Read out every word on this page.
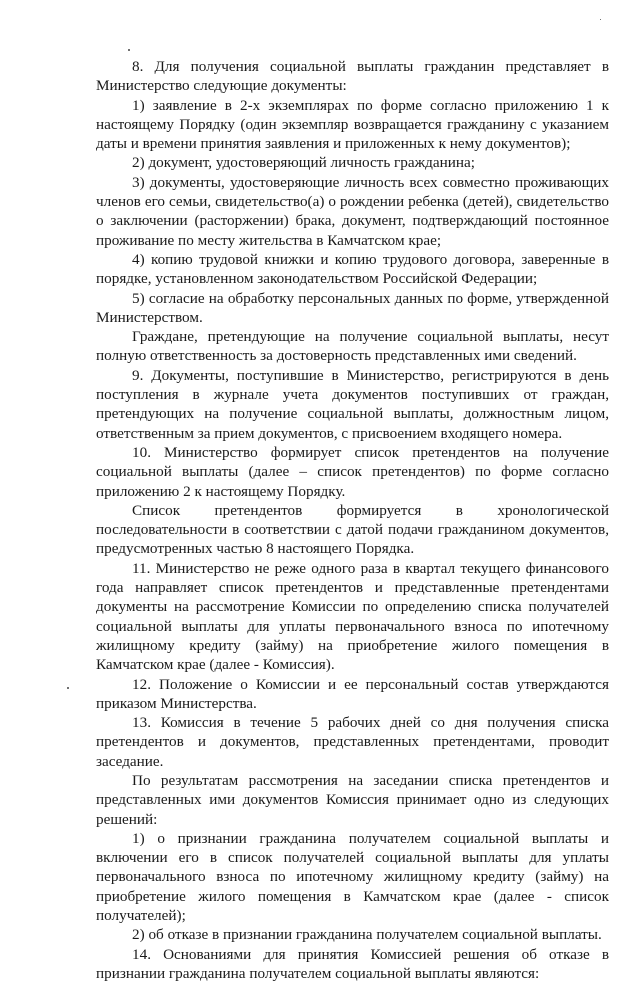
8. Для получения социальной выплаты гражданин представляет в Министерство следующие документы:

1) заявление в 2-х экземплярах по форме согласно приложению 1 к настоящему Порядку (один экземпляр возвращается гражданину с указанием даты и времени принятия заявления и приложенных к нему документов);

2) документ, удостоверяющий личность гражданина;

3) документы, удостоверяющие личность всех совместно проживающих членов его семьи, свидетельство(а) о рождении ребенка (детей), свидетельство о заключении (расторжении) брака, документ, подтверждающий постоянное проживание по месту жительства в Камчатском крае;

4) копию трудовой книжки и копию трудового договора, заверенные в порядке, установленном законодательством Российской Федерации;

5) согласие на обработку персональных данных по форме, утвержденной Министерством.

Граждане, претендующие на получение социальной выплаты, несут полную ответственность за достоверность представленных ими сведений.

9. Документы, поступившие в Министерство, регистрируются в день поступления в журнале учета документов поступивших от граждан, претендующих на получение социальной выплаты, должностным лицом, ответственным за прием документов, с присвоением входящего номера.

10. Министерство формирует список претендентов на получение социальной выплаты (далее – список претендентов) по форме согласно приложению 2 к настоящему Порядку.

Список претендентов формируется в хронологической последовательности в соответствии с датой подачи гражданином документов, предусмотренных частью 8 настоящего Порядка.

11. Министерство не реже одного раза в квартал текущего финансового года направляет список претендентов и представленные претендентами документы на рассмотрение Комиссии по определению списка получателей социальной выплаты для уплаты первоначального взноса по ипотечному жилищному кредиту (займу) на приобретение жилого помещения в Камчатском крае (далее - Комиссия).

12. Положение о Комиссии и ее персональный состав утверждаются приказом Министерства.

13. Комиссия в течение 5 рабочих дней со дня получения списка претендентов и документов, представленных претендентами, проводит заседание.

По результатам рассмотрения на заседании списка претендентов и представленных ими документов Комиссия принимает одно из следующих решений:

1) о признании гражданина получателем социальной выплаты и включении его в список получателей социальной выплаты для уплаты первоначального взноса по ипотечному жилищному кредиту (займу) на приобретение жилого помещения в Камчатском крае (далее - список получателей);

2) об отказе в признании гражданина получателем социальной выплаты.

14. Основаниями для принятия Комиссией решения об отказе в признании гражданина получателем социальной выплаты являются:
